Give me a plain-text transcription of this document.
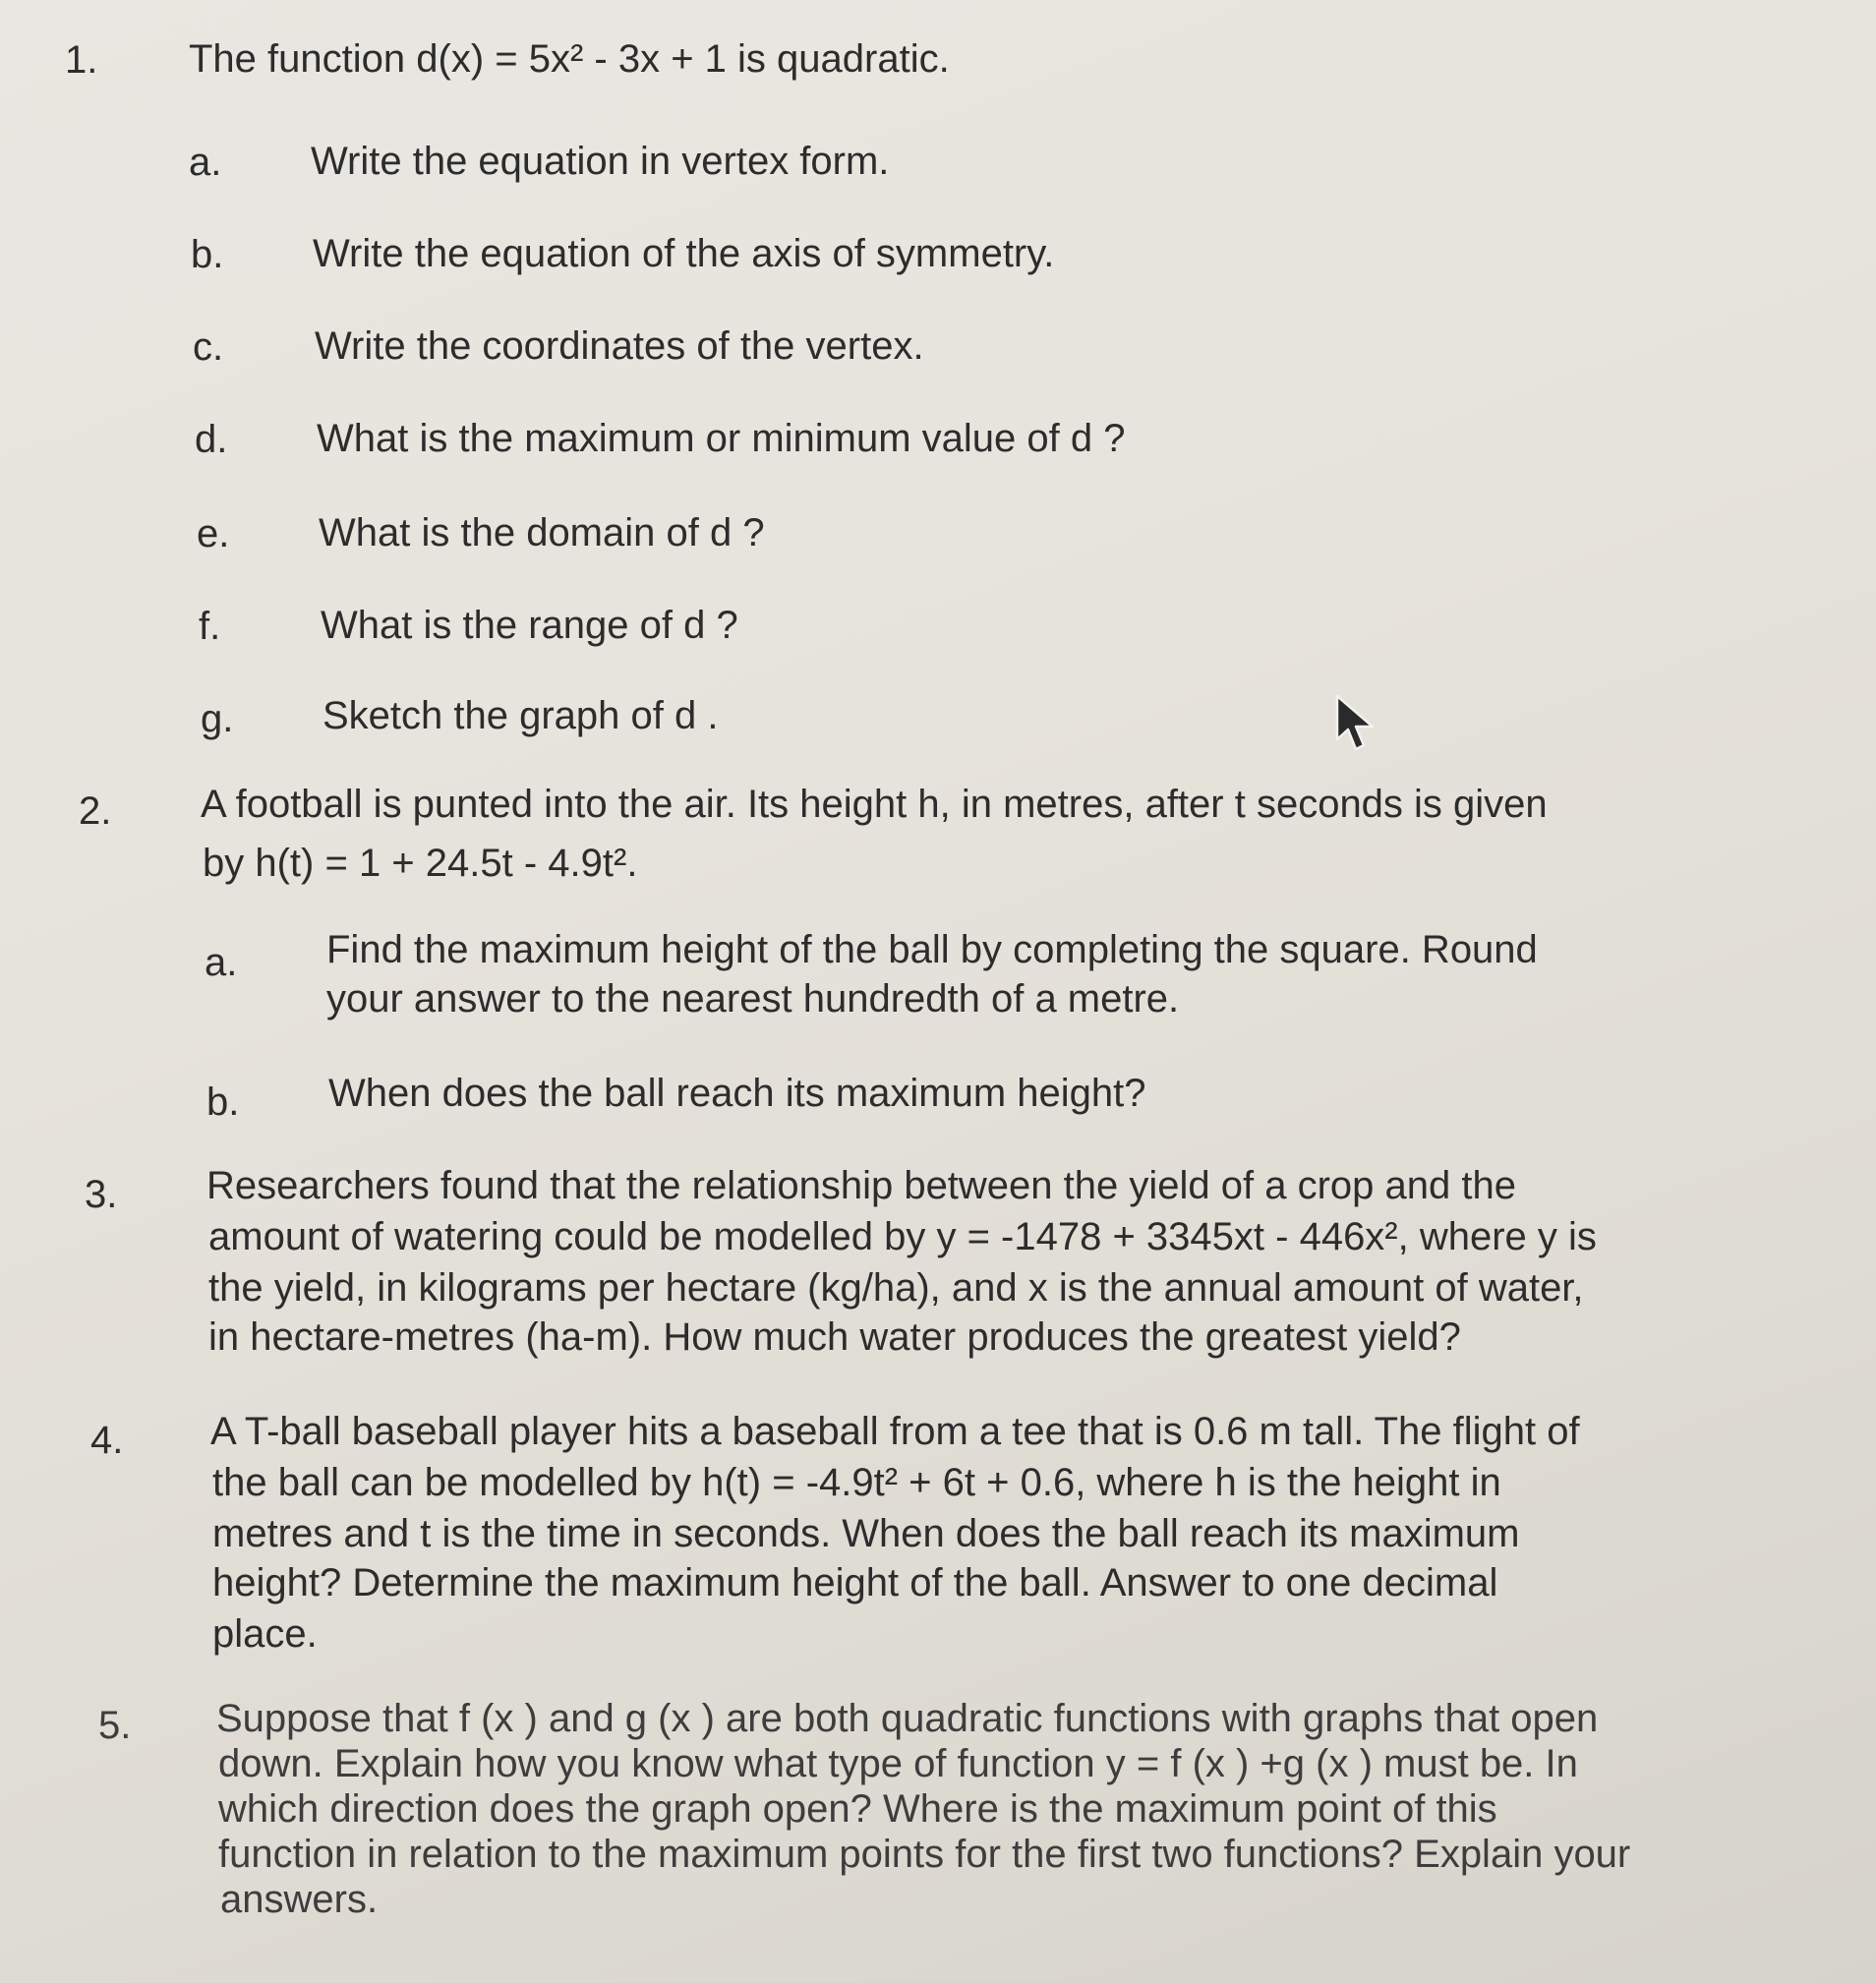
1. The function d(x) = 5x² - 3x + 1 is quadratic.
a. Write the equation in vertex form.
b. Write the equation of the axis of symmetry.
c. Write the coordinates of the vertex.
d. What is the maximum or minimum value of d ?
e. What is the domain of d ?
f.	What is the range of d ?
g. Sketch the graph of d .
2. A football is punted into the air. Its height h, in metres, after t seconds is given
by h(t) = 1 + 24.5t - 4.9t².
a. Find the maximum height of the ball by completing the square. Round
your answer to the nearest hundredth of a metre.
b. When does the ball reach its maximum height?
3. Researchers found that the relationship between the yield of a crop and the
amount of watering could be modelled by y = -1478 + 3345xt - 446x², where y is
the yield, in kilograms per hectare (kg/ha), and x is the annual amount of water,
in hectare-metres (ha-m). How much water produces the greatest yield?
4. A T-ball baseball player hits a baseball from a tee that is 0.6 m tall. The flight of
the ball can be modelled by h(t) = -4.9t² + 6t + 0.6, where h is the height in
metres and t is the time in seconds. When does the ball reach its maximum
height? Determine the maximum height of the ball. Answer to one decimal
place.
5. Suppose that f (x ) and g (x ) are both quadratic functions with graphs that open
down. Explain how you know what type of function y = f (x ) +g (x ) must be. In
which direction does the graph open? Where is the maximum point of this
function in relation to the maximum points for the first two functions? Explain your
answers.
